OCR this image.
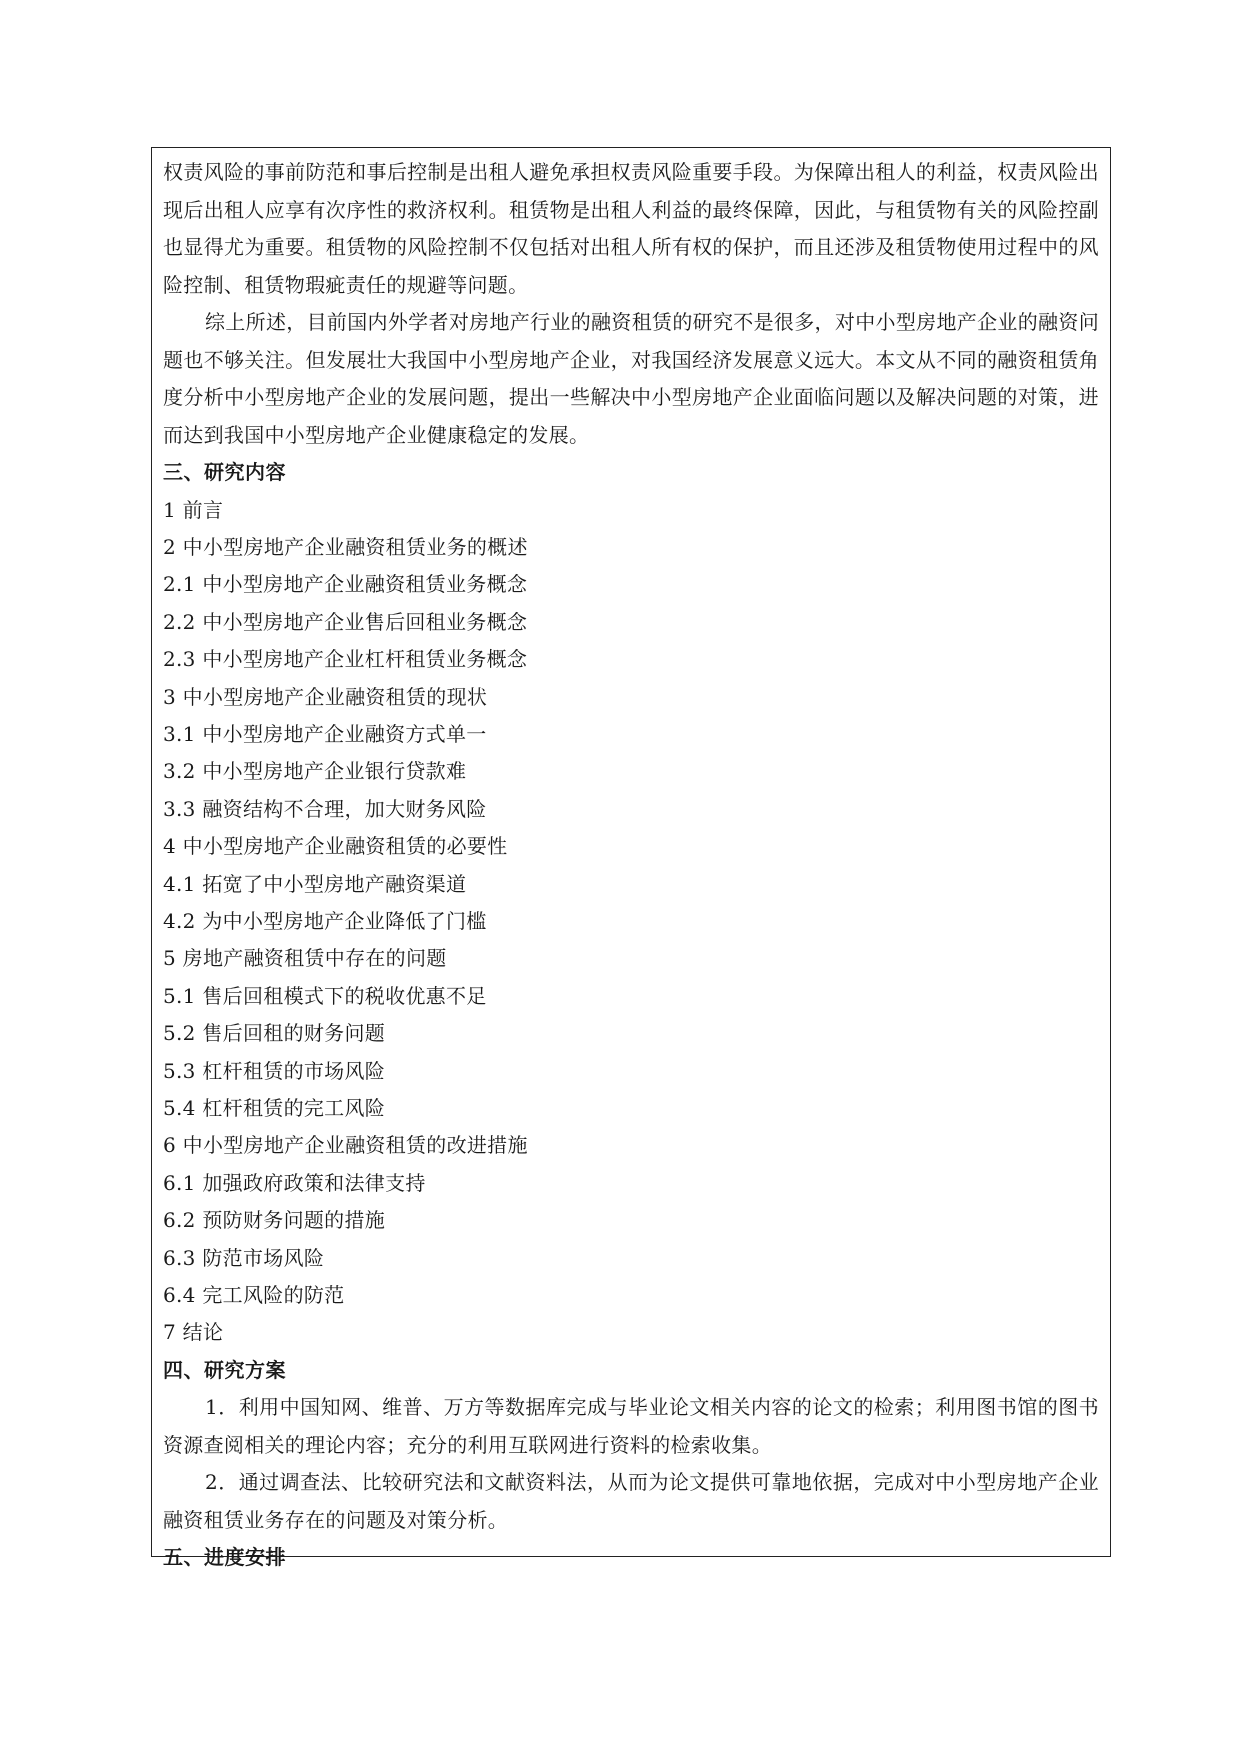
权责风险的事前防范和事后控制是出租人避免承担权责风险重要手段。为保障出租人的利益，权责风险出现后出租人应享有次序性的救济权利。租赁物是出租人利益的最终保障，因此，与租赁物有关的风险控副也显得尤为重要。租赁物的风险控制不仅包括对出租人所有权的保护，而且还涉及租赁物使用过程中的风险控制、租赁物瑕疵责任的规避等问题。

综上所述，目前国内外学者对房地产行业的融资租赁的研究不是很多，对中小型房地产企业的融资问题也不够关注。但发展壮大我国中小型房地产企业，对我国经济发展意义远大。本文从不同的融资租赁角度分析中小型房地产企业的发展问题，提出一些解决中小型房地产企业面临问题以及解决问题的对策，进而达到我国中小型房地产企业健康稳定的发展。

三、研究内容

1 前言
2 中小型房地产企业融资租赁业务的概述
2.1 中小型房地产企业融资租赁业务概念
2.2 中小型房地产企业售后回租业务概念
2.3 中小型房地产企业杠杆租赁业务概念
3 中小型房地产企业融资租赁的现状
3.1 中小型房地产企业融资方式单一
3.2 中小型房地产企业银行贷款难
3.3 融资结构不合理，加大财务风险
4 中小型房地产企业融资租赁的必要性
4.1 拓宽了中小型房地产融资渠道
4.2 为中小型房地产企业降低了门槛
5 房地产融资租赁中存在的问题
5.1 售后回租模式下的税收优惠不足
5.2 售后回租的财务问题
5.3 杠杆租赁的市场风险
5.4 杠杆租赁的完工风险
6 中小型房地产企业融资租赁的改进措施
6.1 加强政府政策和法律支持
6.2 预防财务问题的措施
6.3 防范市场风险
6.4 完工风险的防范
7 结论

四、研究方案

1．利用中国知网、维普、万方等数据库完成与毕业论文相关内容的论文的检索；利用图书馆的图书资源查阅相关的理论内容；充分的利用互联网进行资料的检索收集。

2．通过调查法、比较研究法和文献资料法，从而为论文提供可靠地依据，完成对中小型房地产企业融资租赁业务存在的问题及对策分析。

五、进度安排
